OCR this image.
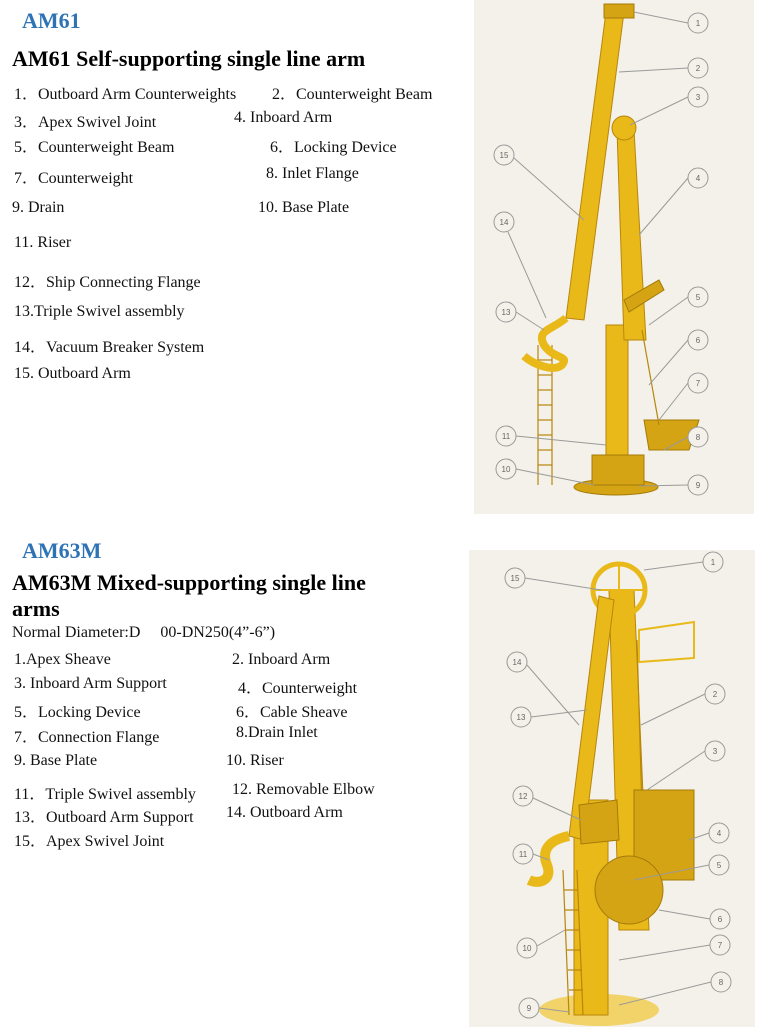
AM61
AM61 Self-supporting single line arm
1．Outboard Arm Counterweights 2．Counterweight Beam
3．Apex Swivel Joint	4. Inboard Arm
5．Counterweight Beam	6．Locking Device
7．Counterweight	8. Inlet Flange
9. Drain	10. Base Plate
11. Riser
12．Ship Connecting Flange
13.Triple Swivel assembly
14．Vacuum Breaker System
15. Outboard Arm
1
2
3
4
5
6
7
8
9
10
11
13
14
15
AM63M
AM63M Mixed-supporting single line
arms
Normal Diameter:D     00-DN250(4”-6”)
1.Apex Sheave	2. Inboard Arm
3. Inboard Arm Support	4．Counterweight
5．Locking Device	6．Cable Sheave
7．Connection Flange	8.Drain Inlet
9. Base Plate	10. Riser
11．Triple Swivel assembly 12. Removable Elbow
13．Outboard Arm Support 14. Outboard Arm
15．Apex Swivel Joint
1
2
3
4
5
6
7
8
9
10
11
12
13
14
15
